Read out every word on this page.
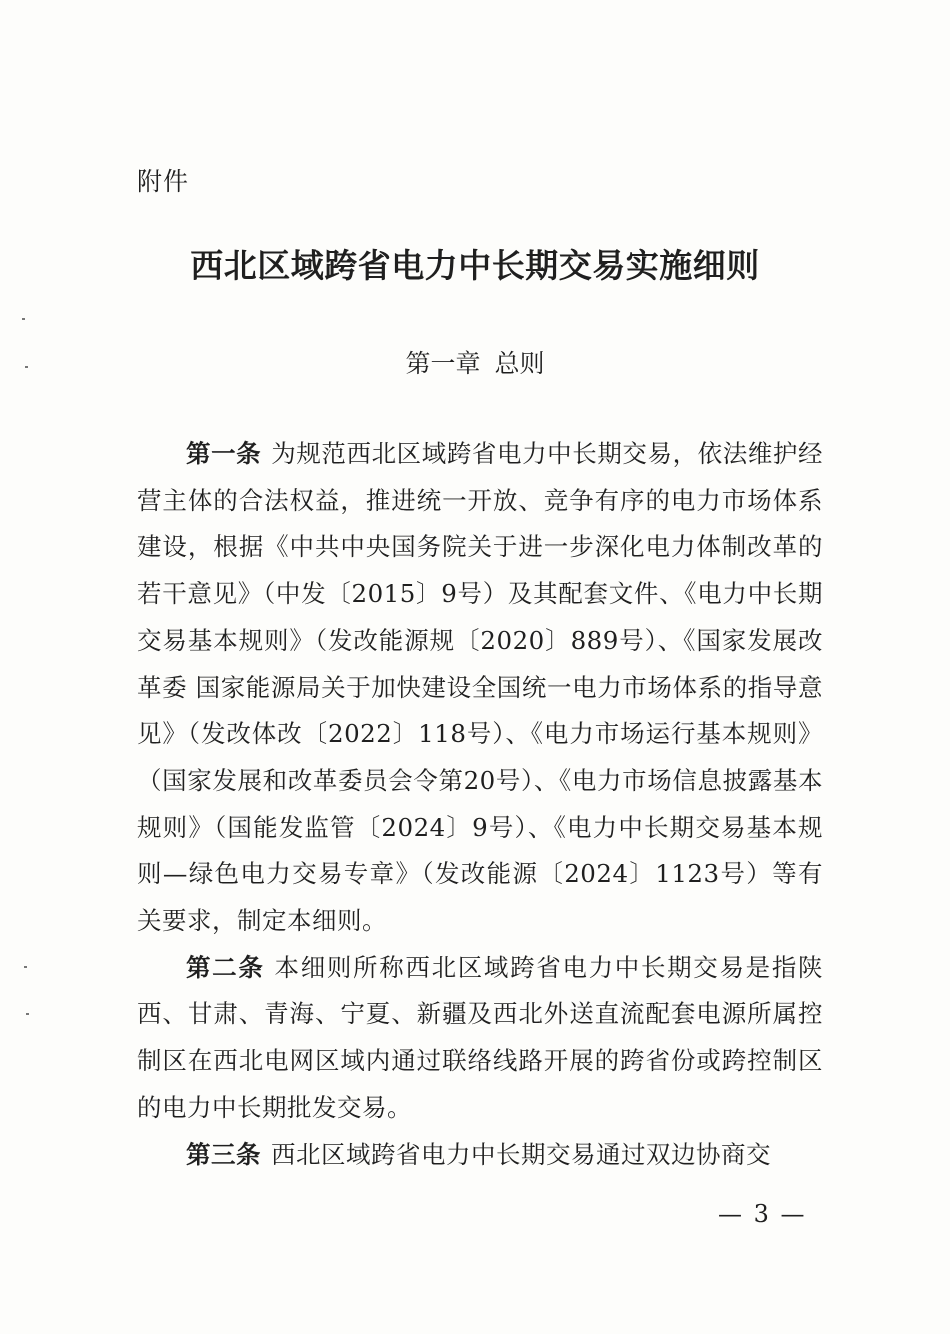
附件
西北区域跨省电力中长期交易实施细则
第一章 总则

第一条 为规范西北区域跨省电力中长期交易，依法维护经营主体的合法权益，推进统一开放、竞争有序的电力市场体系建设，根据《中共中央国务院关于进一步深化电力体制改革的若干意见》（中发〔2015〕9号）及其配套文件、《电力中长期交易基本规则》（发改能源规〔2020〕889号）、《国家发展改革委 国家能源局关于加快建设全国统一电力市场体系的指导意见》（发改体改〔2022〕118号）、《电力市场运行基本规则》（国家发展和改革委员会令第20号）、《电力市场信息披露基本规则》（国能发监管〔2024〕9号）、《电力中长期交易基本规则—绿色电力交易专章》（发改能源〔2024〕1123号）等有关要求，制定本细则。

第二条 本细则所称西北区域跨省电力中长期交易是指陕西、甘肃、青海、宁夏、新疆及西北外送直流配套电源所属控制区在西北电网区域内通过联络线路开展的跨省份或跨控制区的电力中长期批发交易。

第三条 西北区域跨省电力中长期交易通过双边协商交

— 3 —
